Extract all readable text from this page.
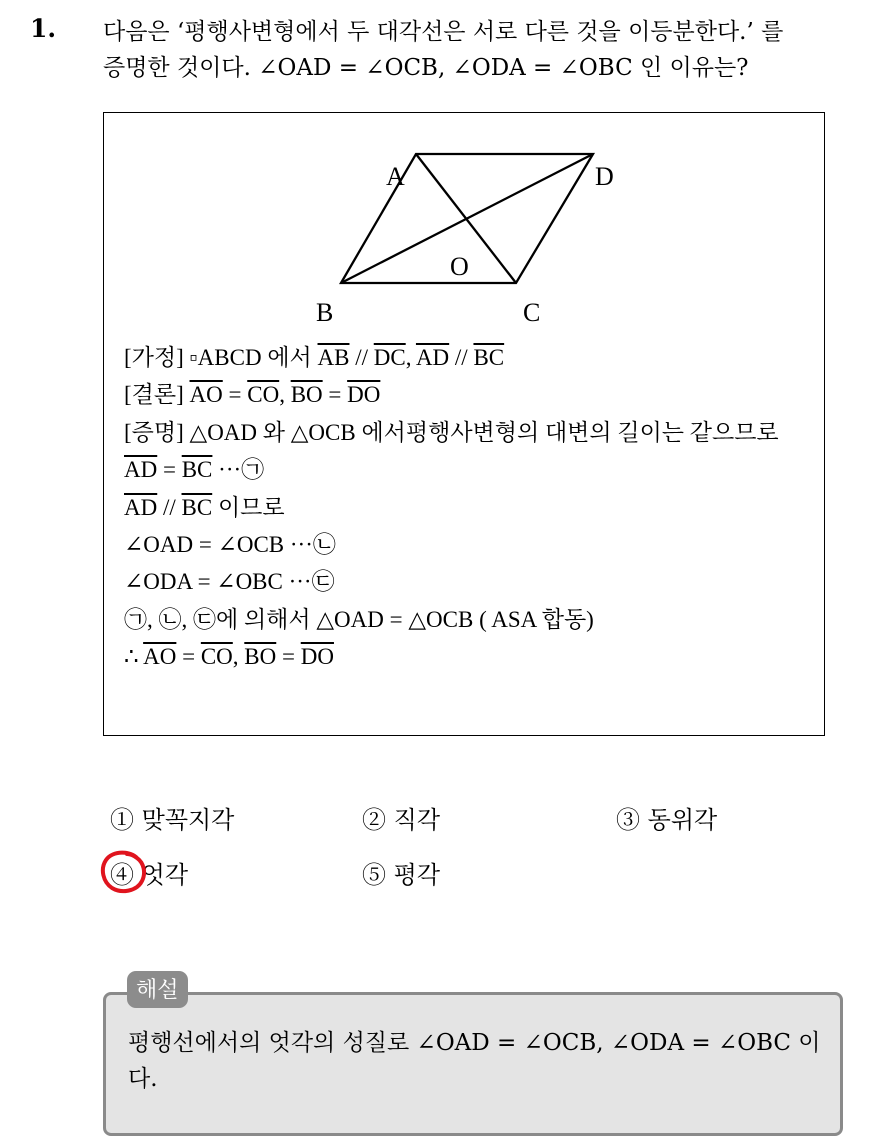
1. 다음은 ‘평행사변형에서 두 대각선은 서로 다른 것을 이등분한다.’ 를
증명한 것이다. ∠OAD = ∠OCB, ∠ODA = ∠OBC 인 이유는?
A	D
O
B	C
[가정] ▫ABCD 에서 $\overline{AB} // \overline{DC}$, $\overline{AD} // \overline{BC}$
[결론] $\overline{AO} = \overline{CO}$, $\overline{BO} = \overline{DO}$
[증명] △OAD 와 △OCB 에서평행사변형의 대변의 길이는 같으므로
$\overline{AD} = \overline{BC}$ ···㉠
$\overline{AD} // \overline{BC}$ 이므로
∠OAD = ∠OCB ···㉡
∠ODA = ∠OBC ···㉢
㉠, ㉡, ㉢에 의해서 △OAD = △OCB ( ASA 합동)
∴ $\overline{AO} = \overline{CO}$, $\overline{BO} = \overline{DO}$
① 맞꼭지각	② 직각	③ 동위각
④ 엇각	⑤ 평각
평행선에서의 엇각의 성질로 ∠OAD = ∠OCB, ∠ODA = ∠OBC 이다.
해설
